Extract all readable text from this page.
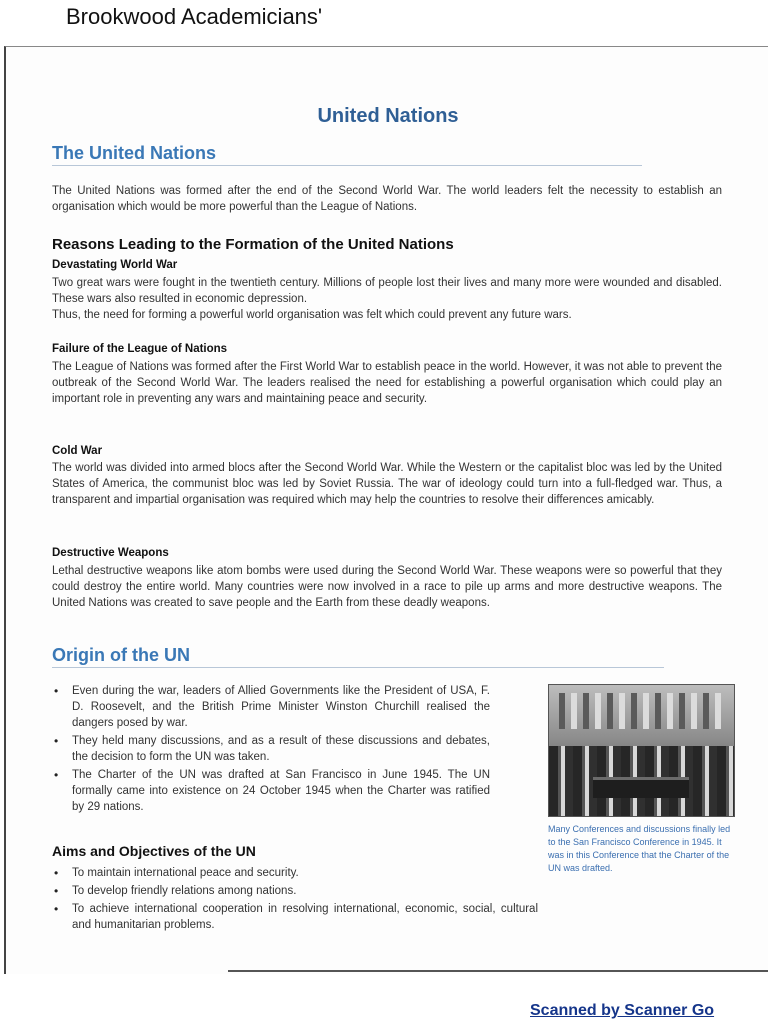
Brookwood Academicians'
United Nations
The United Nations
The United Nations was formed after the end of the Second World War. The world leaders felt the necessity to establish an organisation which would be more powerful than the League of Nations.
Reasons Leading to the Formation of the United Nations
Devastating World War
Two great wars were fought in the twentieth century. Millions of people lost their lives and many more were wounded and disabled. These wars also resulted in economic depression.
Thus, the need for forming a powerful world organisation was felt which could prevent any future wars.
Failure of the League of Nations
The League of Nations was formed after the First World War to establish peace in the world. However, it was not able to prevent the outbreak of the Second World War. The leaders realised the need for establishing a powerful organisation which could play an important role in preventing any wars and maintaining peace and security.
Cold War
The world was divided into armed blocs after the Second World War. While the Western or the capitalist bloc was led by the United States of America, the communist bloc was led by Soviet Russia. The war of ideology could turn into a full-fledged war. Thus, a transparent and impartial organisation was required which may help the countries to resolve their differences amicably.
Destructive Weapons
Lethal destructive weapons like atom bombs were used during the Second World War. These weapons were so powerful that they could destroy the entire world. Many countries were now involved in a race to pile up arms and more destructive weapons. The United Nations was created to save people and the Earth from these deadly weapons.
Origin of the UN
• Even during the war, leaders of Allied Governments like the President of USA, F. D. Roosevelt, and the British Prime Minister Winston Churchill realised the dangers posed by war.
• They held many discussions, and as a result of these discussions and debates, the decision to form the UN was taken.
• The Charter of the UN was drafted at San Francisco in June 1945. The UN formally came into existence on 24 October 1945 when the Charter was ratified by 29 nations.
Aims and Objectives of the UN
• To maintain international peace and security.
• To develop friendly relations among nations.
• To achieve international cooperation in resolving international, economic, social, cultural and humanitarian problems.
Many Conferences and discussions finally led to the San Francisco Conference in 1945. It was in this Conference that the Charter of the UN was drafted.
Scanned by Scanner Go
